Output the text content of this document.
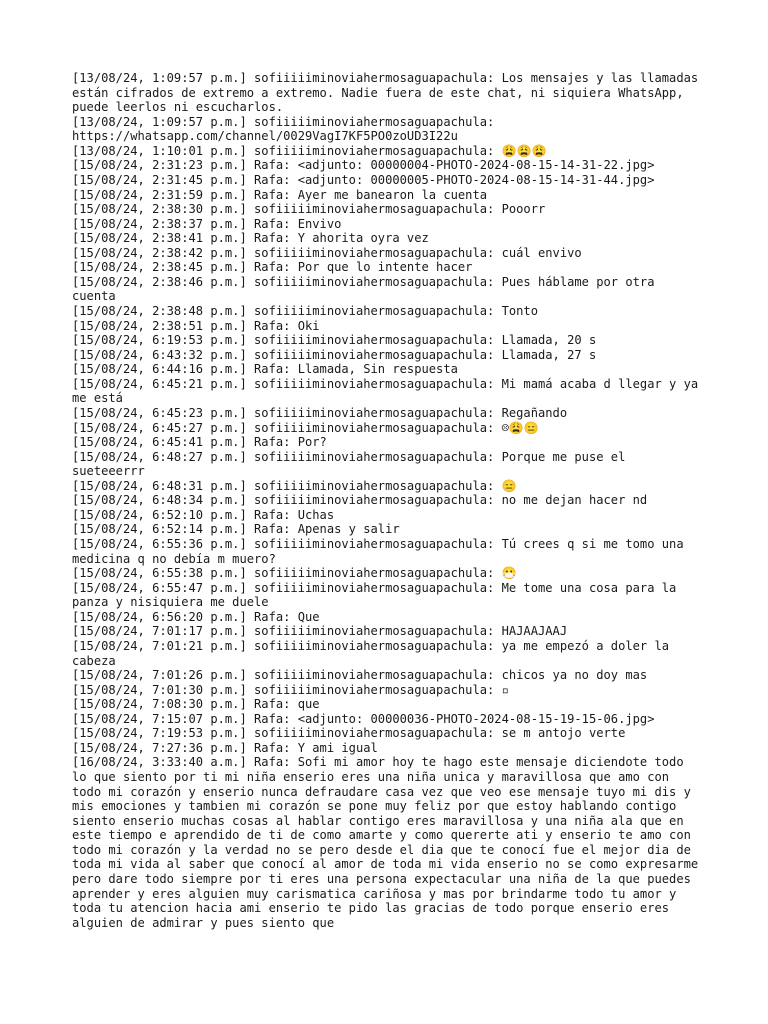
[13/08/24, 1:09:57 p.m.] sofiiiiiminoviahermosaguapachula: Los mensajes y las llamadas están cifrados de extremo a extremo. Nadie fuera de este chat, ni siquiera WhatsApp, puede leerlos ni escucharlos.

[13/08/24, 1:09:57 p.m.] sofiiiiiminoviahermosaguapachula: https://whatsapp.com/channel/0029VagI7KF5PO0zoUD3I22u

[13/08/24, 1:10:01 p.m.] sofiiiiiminoviahermosaguapachula: 😩😩😩

[15/08/24, 2:31:23 p.m.] Rafa: <adjunto: 00000004-PHOTO-2024-08-15-14-31-22.jpg>

[15/08/24, 2:31:45 p.m.] Rafa: <adjunto: 00000005-PHOTO-2024-08-15-14-31-44.jpg>

[15/08/24, 2:31:59 p.m.] Rafa: Ayer me banearon la cuenta

[15/08/24, 2:38:30 p.m.] sofiiiiiminoviahermosaguapachula: Pooorr

[15/08/24, 2:38:37 p.m.] Rafa: Envivo

[15/08/24, 2:38:41 p.m.] Rafa: Y ahorita oyra vez

[15/08/24, 2:38:42 p.m.] sofiiiiiminoviahermosaguapachula: cuál envivo

[15/08/24, 2:38:45 p.m.] Rafa: Por que lo intente hacer

[15/08/24, 2:38:46 p.m.] sofiiiiiminoviahermosaguapachula: Pues háblame por otra cuenta

[15/08/24, 2:38:48 p.m.] sofiiiiiminoviahermosaguapachula: Tonto

[15/08/24, 2:38:51 p.m.] Rafa: Oki

[15/08/24, 6:19:53 p.m.] sofiiiiiminoviahermosaguapachula: Llamada, 20 s

[15/08/24, 6:43:32 p.m.] sofiiiiiminoviahermosaguapachula: Llamada, 27 s

[15/08/24, 6:44:16 p.m.] Rafa: Llamada, Sin respuesta

[15/08/24, 6:45:21 p.m.] sofiiiiiminoviahermosaguapachula: Mi mamá acaba d llegar y ya me está

[15/08/24, 6:45:23 p.m.] sofiiiiiminoviahermosaguapachula: Regañando

[15/08/24, 6:45:27 p.m.] sofiiiiiminoviahermosaguapachula: ☹😩😑

[15/08/24, 6:45:41 p.m.] Rafa: Por?

[15/08/24, 6:48:27 p.m.] sofiiiiiminoviahermosaguapachula: Porque me puse el sueteeerrr

[15/08/24, 6:48:31 p.m.] sofiiiiiminoviahermosaguapachula: 😑

[15/08/24, 6:48:34 p.m.] sofiiiiiminoviahermosaguapachula: no me dejan hacer nd

[15/08/24, 6:52:10 p.m.] Rafa: Uchas

[15/08/24, 6:52:14 p.m.] Rafa: Apenas y salir

[15/08/24, 6:55:36 p.m.] sofiiiiiminoviahermosaguapachula: Tú crees q si me tomo una medicina q no debía m muero?

[15/08/24, 6:55:38 p.m.] sofiiiiiminoviahermosaguapachula: 😷

[15/08/24, 6:55:47 p.m.] sofiiiiiminoviahermosaguapachula: Me tome una cosa para la panza y nisiquiera me duele

[15/08/24, 6:56:20 p.m.] Rafa: Que

[15/08/24, 7:01:17 p.m.] sofiiiiiminoviahermosaguapachula: HAJAAJAAJ

[15/08/24, 7:01:21 p.m.] sofiiiiiminoviahermosaguapachula: ya me empezó a doler la cabeza

[15/08/24, 7:01:26 p.m.] sofiiiiiminoviahermosaguapachula: chicos ya no doy mas

[15/08/24, 7:01:30 p.m.] sofiiiiiminoviahermosaguapachula: ▫

[15/08/24, 7:08:30 p.m.] Rafa: que

[15/08/24, 7:15:07 p.m.] Rafa: <adjunto: 00000036-PHOTO-2024-08-15-19-15-06.jpg>

[15/08/24, 7:19:53 p.m.] sofiiiiiminoviahermosaguapachula: se m antojo verte

[15/08/24, 7:27:36 p.m.] Rafa: Y ami igual

[16/08/24, 3:33:40 a.m.] Rafa: Sofi mi amor hoy te hago este mensaje diciendote todo lo que siento por ti mi niña enserio eres una niña unica y maravillosa que amo con todo mi corazón y enserio nunca defraudare casa vez que veo ese mensaje tuyo mi dis y mis emociones y tambien mi corazón se pone muy feliz por que estoy hablando contigo siento enserio muchas cosas al hablar contigo eres maravillosa y una niña ala que en este tiempo e aprendido de ti de como amarte y como quererte ati y enserio te amo con todo mi corazón y la verdad no se pero desde el dia que te conocí fue el mejor dia de toda mi vida al saber que conocí al amor de toda mi vida enserio no se como expresarme pero dare todo siempre por ti eres una persona expectacular una niña de la que puedes aprender y eres alguien muy carismatica cariñosa y mas por brindarme todo tu amor y toda tu atencion hacia ami enserio te pido las gracias de todo porque enserio eres alguien de admirar y pues siento que
